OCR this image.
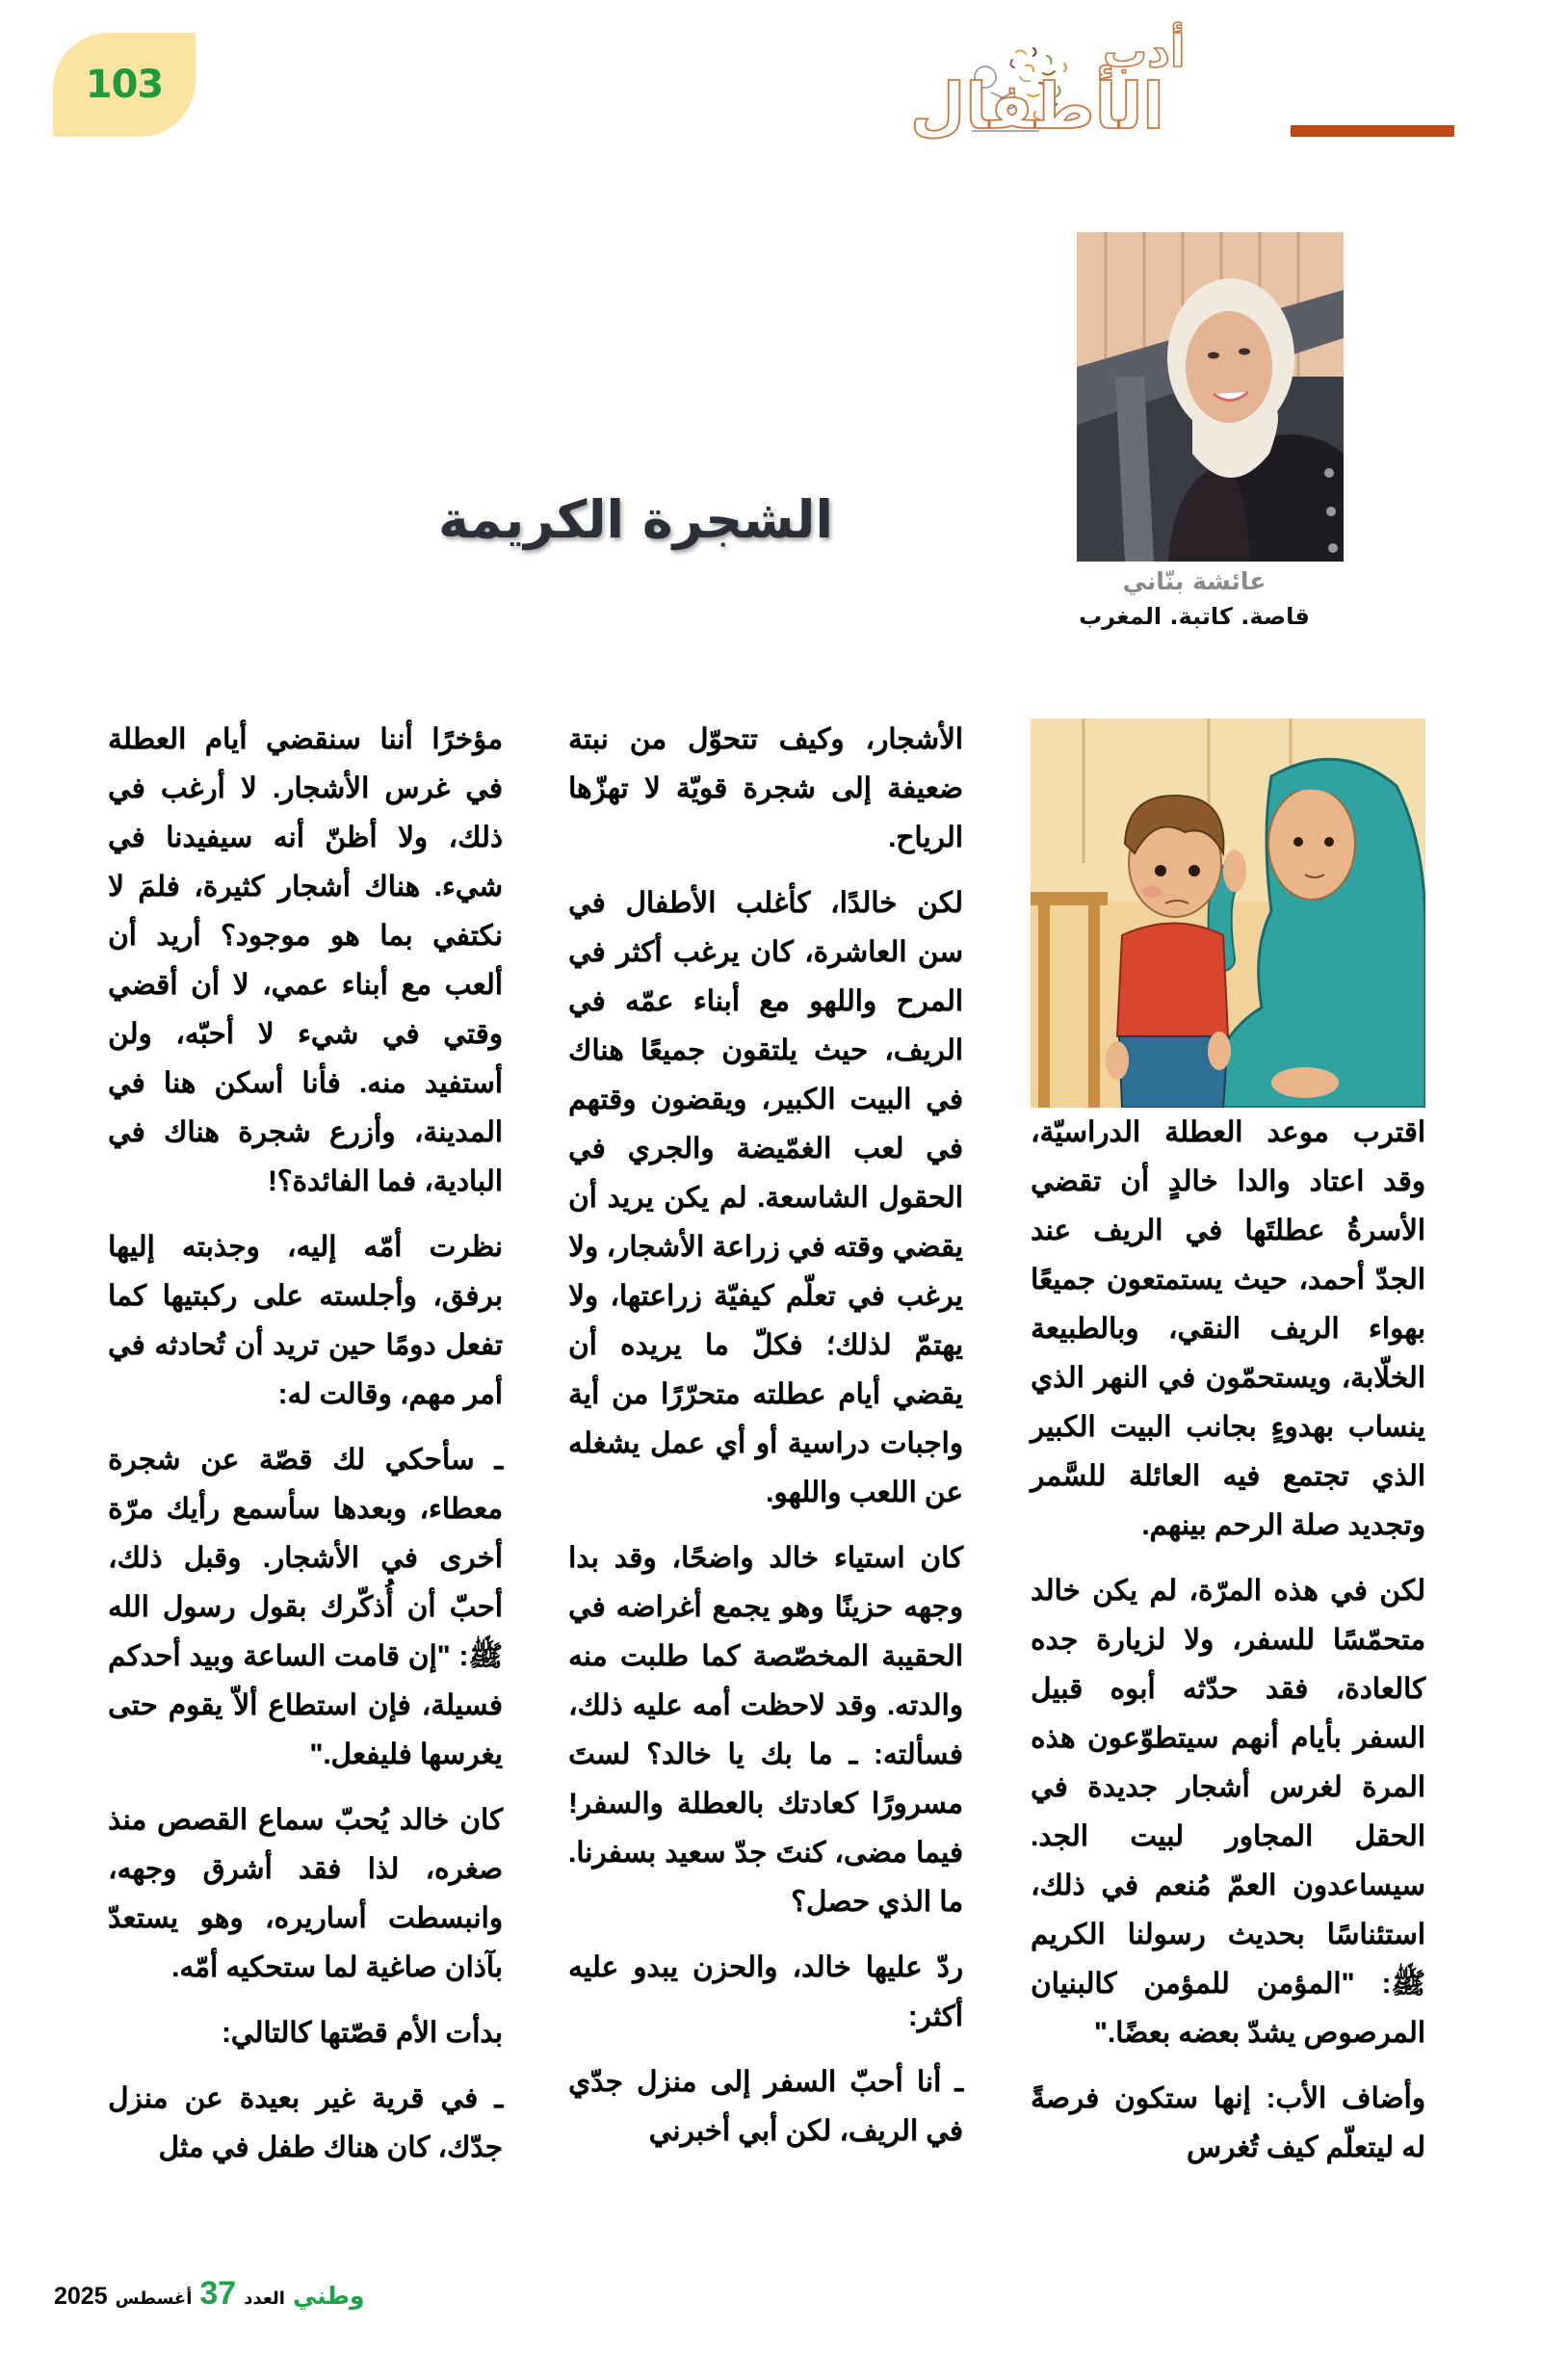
103
أدب
الأطفال
الشجرة الكريمة
عائشة بنّاني
قاصة. كاتبة. المغرب

اقترب موعد العطلة الدراسيّة، وقد اعتاد والدا خالدٍ أن تقضي الأسرةُ عطلتَها في الريف عند الجدّ أحمد، حيث يستمتعون جميعًا بهواء الريف النقي، وبالطبيعة الخلّابة، ويستحمّون في النهر الذي ينساب بهدوءٍ بجانب البيت الكبير الذي تجتمع فيه العائلة للسَّمر وتجديد صلة الرحم بينهم.

لكن في هذه المرّة، لم يكن خالد متحمّسًا للسفر، ولا لزيارة جده كالعادة، فقد حدّثه أبوه قبيل السفر بأيام أنهم سيتطوّعون هذه المرة لغرس أشجار جديدة في الحقل المجاور لبيت الجد. سيساعدون العمّ مُنعم في ذلك، استئناسًا بحديث رسولنا الكريم ﷺ: "المؤمن للمؤمن كالبنيان المرصوص يشدّ بعضه بعضًا."

وأضاف الأب: إنها ستكون فرصةً له ليتعلّم كيف تُغرس

الأشجار، وكيف تتحوّل من نبتة ضعيفة إلى شجرة قويّة لا تهزّها الرياح.

لكن خالدًا، كأغلب الأطفال في سن العاشرة، كان يرغب أكثر في المرح واللهو مع أبناء عمّه في الريف، حيث يلتقون جميعًا هناك في البيت الكبير، ويقضون وقتهم في لعب الغمّيضة والجري في الحقول الشاسعة. لم يكن يريد أن يقضي وقته في زراعة الأشجار، ولا يرغب في تعلّم كيفيّة زراعتها، ولا يهتمّ لذلك؛ فكلّ ما يريده أن يقضي أيام عطلته متحرّرًا من أية واجبات دراسية أو أي عمل يشغله عن اللعب واللهو.

كان استياء خالد واضحًا، وقد بدا وجهه حزينًا وهو يجمع أغراضه في الحقيبة المخصّصة كما طلبت منه والدته. وقد لاحظت أمه عليه ذلك، فسألته: ـ ما بك يا خالد؟ لستَ مسرورًا كعادتك بالعطلة والسفر! فيما مضى، كنتَ جدّ سعيد بسفرنا. ما الذي حصل؟

ردّ عليها خالد، والحزن يبدو عليه أكثر:

ـ أنا أحبّ السفر إلى منزل جدّي في الريف، لكن أبي أخبرني

مؤخرًا أننا سنقضي أيام العطلة في غرس الأشجار. لا أرغب في ذلك، ولا أظنّ أنه سيفيدنا في شيء. هناك أشجار كثيرة، فلمَ لا نكتفي بما هو موجود؟ أريد أن ألعب مع أبناء عمي، لا أن أقضي وقتي في شيء لا أحبّه، ولن أستفيد منه. فأنا أسكن هنا في المدينة، وأزرع شجرة هناك في البادية، فما الفائدة؟!

نظرت أمّه إليه، وجذبته إليها برفق، وأجلسته على ركبتيها كما تفعل دومًا حين تريد أن تُحادثه في أمر مهم، وقالت له:

ـ سأحكي لك قصّة عن شجرة معطاء، وبعدها سأسمع رأيك مرّة أخرى في الأشجار. وقبل ذلك، أحبّ أن أُذكّرك بقول رسول الله ﷺ: "إن قامت الساعة وبيد أحدكم فسيلة، فإن استطاع ألاّ يقوم حتى يغرسها فليفعل."

كان خالد يُحبّ سماع القصص منذ صغره، لذا فقد أشرق وجهه، وانبسطت أساريره، وهو يستعدّ بآذان صاغية لما ستحكيه أمّه.

بدأت الأم قصّتها كالتالي:

ـ في قرية غير بعيدة عن منزل جدّك، كان هناك طفل في مثل

وطني
العدد
37
أغسطس
2025
